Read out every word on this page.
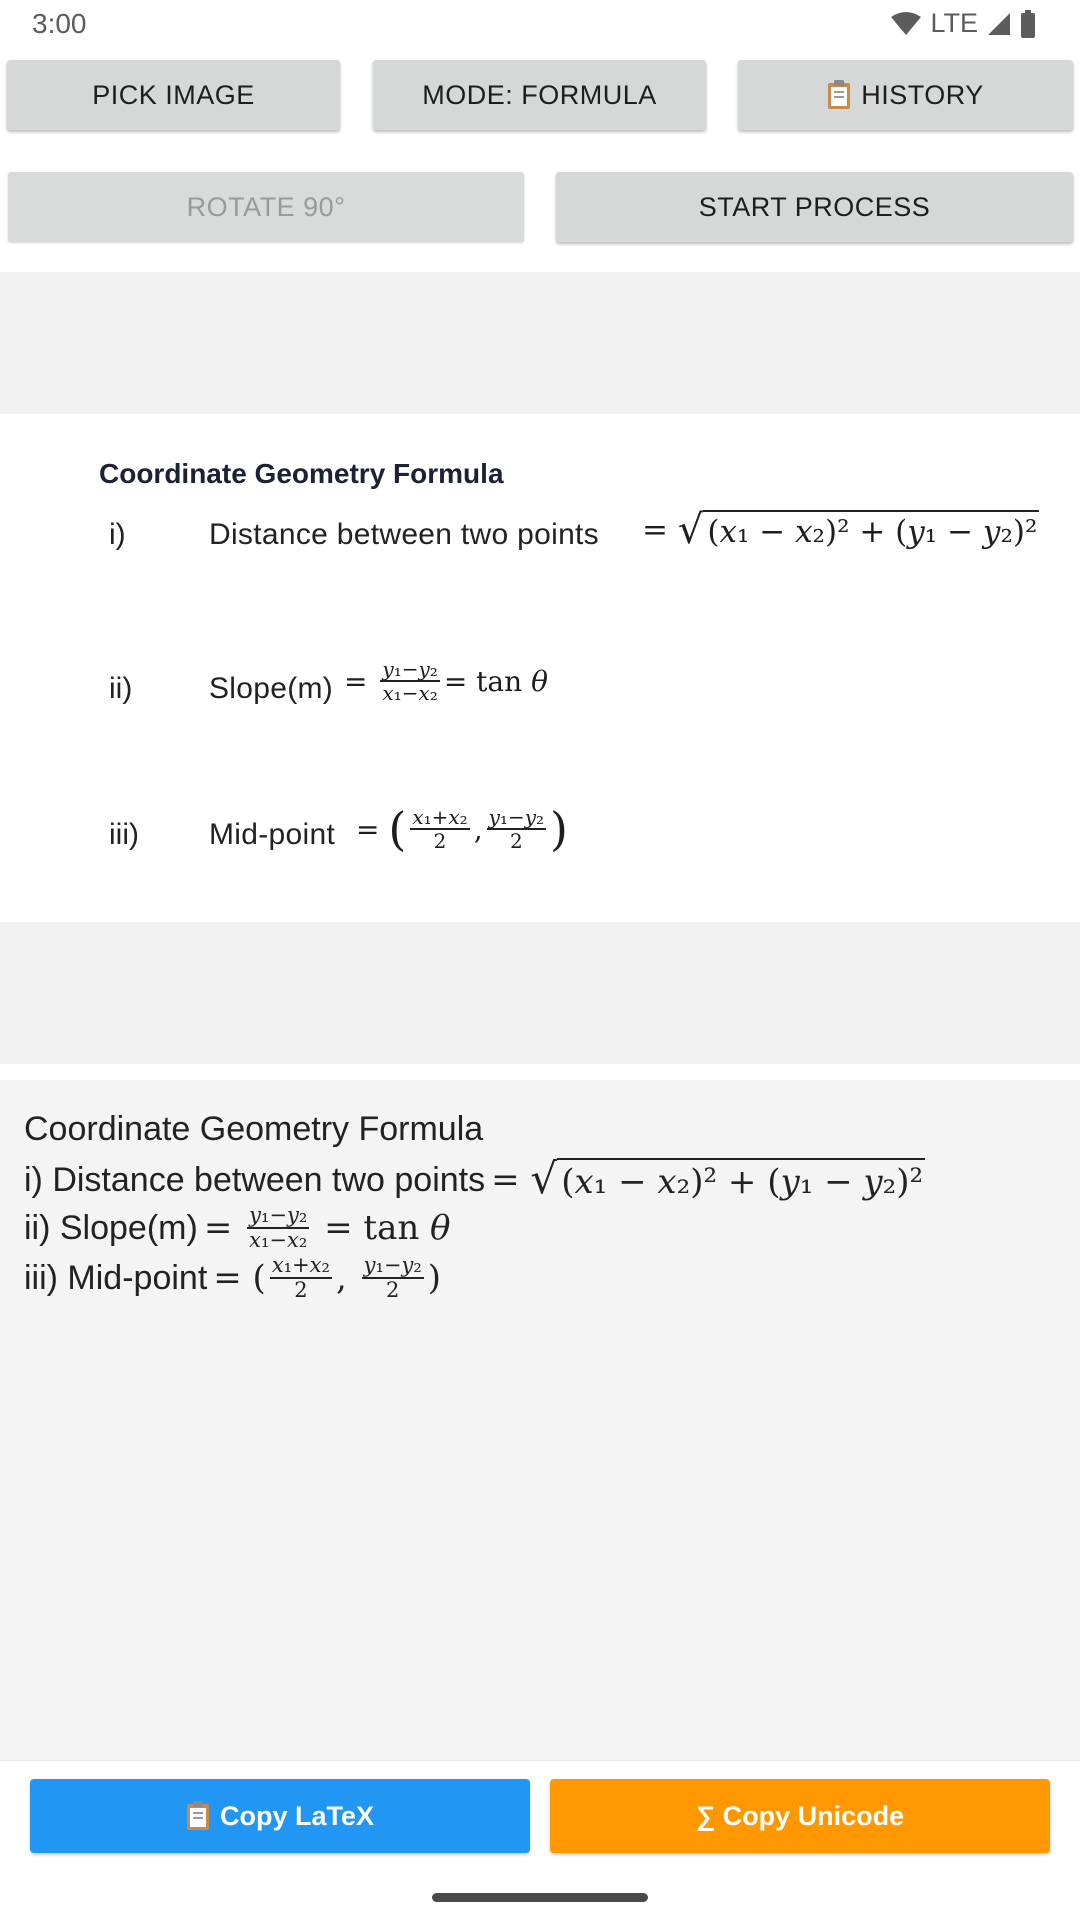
3:00	LTE
PICK IMAGE	MODE: FORMULA	HISTORY
ROTATE 90°	START PROCESS
Coordinate Geometry Formula
i)	Distance between two points = √ (x₁ − x₂)² + (y₁ − y₂)²
ii)	Slope(m) = $\frac{\text{y₁−y₂}}{\text{x₁−x₂}} = \tan \theta$
iii) Mid-point = ( $\frac{\text{x₁+x₂}}{2}$ , $\frac{\text{y₁−y₂}}{2}$ )
Coordinate Geometry Formula
i) Distance between two points = √ (x₁ − x₂)² + (y₁ − y₂)²
ii) Slope(m) = $\frac{\text{y₁−y₂}}{\text{x₁−x₂}} = \tan \theta$
iii) Mid-point = ( $\frac{\text{x₁+x₂}}{2}$ , $\frac{\text{y₁−y₂}}{2}$ )
Copy LaTeX	∑ Copy Unicode
